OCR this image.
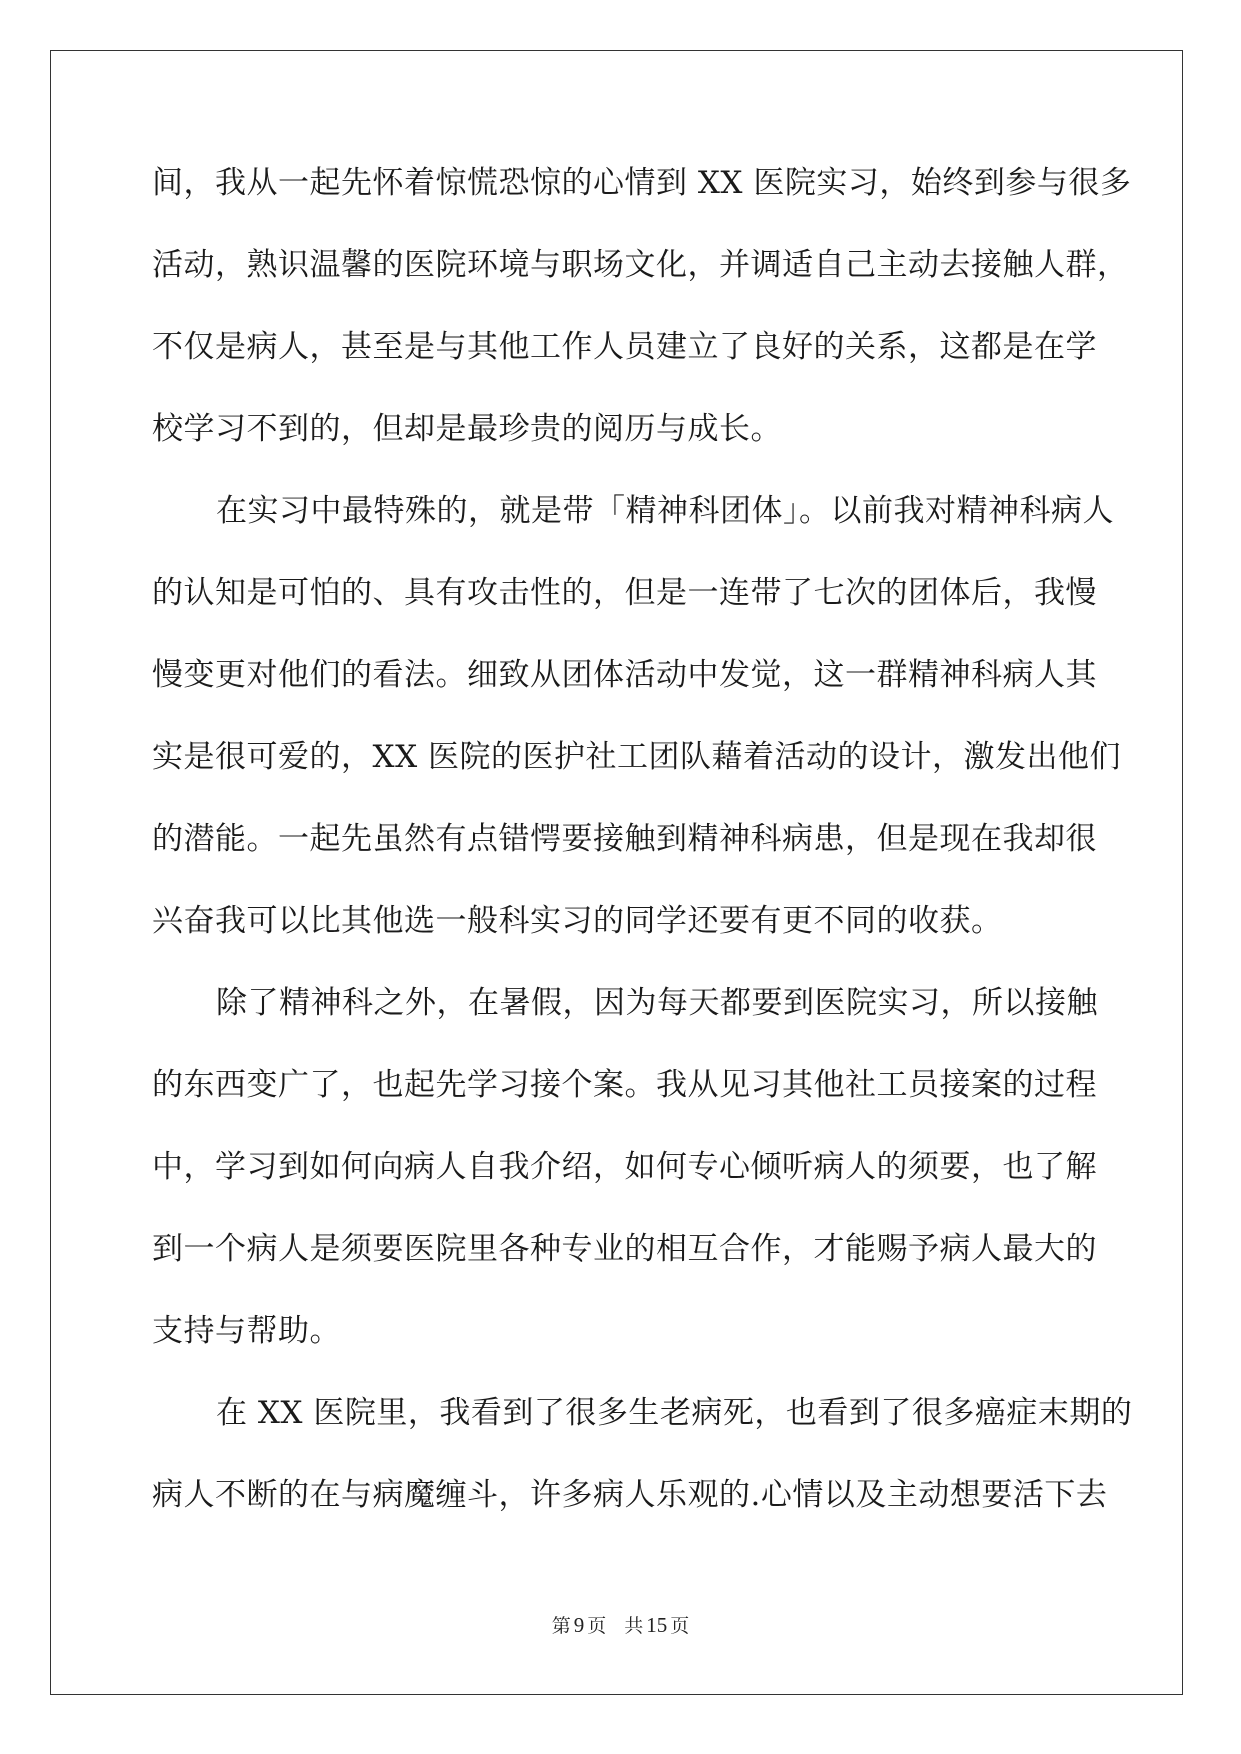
间，我从一起先怀着惊慌恐惊的心情到 XX 医院实习，始终到参与很多
活动，熟识温馨的医院环境与职场文化，并调适自己主动去接触人群，
不仅是病人，甚至是与其他工作人员建立了良好的关系，这都是在学
校学习不到的，但却是最珍贵的阅历与成长。
在实习中最特殊的，就是带「精神科团体」。以前我对精神科病人
的认知是可怕的、具有攻击性的，但是一连带了七次的团体后，我慢
慢变更对他们的看法。细致从团体活动中发觉，这一群精神科病人其
实是很可爱的，XX 医院的医护社工团队藉着活动的设计，激发出他们
的潜能。一起先虽然有点错愕要接触到精神科病患，但是现在我却很
兴奋我可以比其他选一般科实习的同学还要有更不同的收获。
除了精神科之外，在暑假，因为每天都要到医院实习，所以接触
的东西变广了，也起先学习接个案。我从见习其他社工员接案的过程
中，学习到如何向病人自我介绍，如何专心倾听病人的须要，也了解
到一个病人是须要医院里各种专业的相互合作，才能赐予病人最大的
支持与帮助。
在 XX 医院里，我看到了很多生老病死，也看到了很多癌症末期的
病人不断的在与病魔缠斗，许多病人乐观的.心情以及主动想要活下去
第 9 页 共 15 页
